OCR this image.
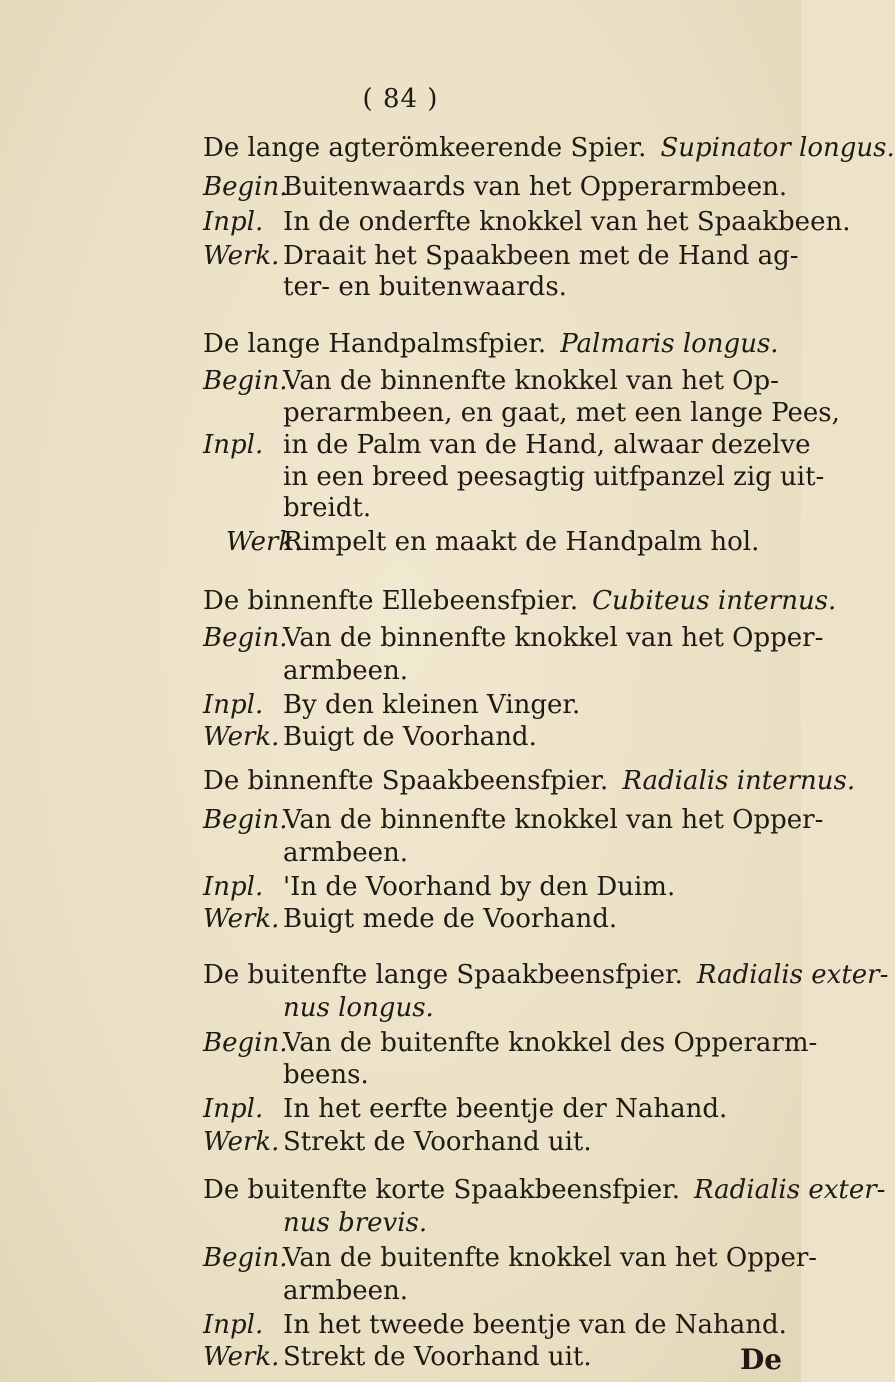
( 84 )
De lange agterömkeerende Spier. Supinator longus.
Begin.Buitenwaards van het Opperarmbeen.
Inpl. In de onderfte knokkel van het Spaakbeen.
Werk. Draait het Spaakbeen met de Hand ag-
ter- en buitenwaards.
De lange Handpalmsfpier. Palmaris longus.
Begin.Van de binnenfte knokkel van het Op-
perarmbeen, en gaat, met een lange Pees,
Inpl. in de Palm van de Hand, alwaar dezelve
in een breed peesagtig uitfpanzel zig uit-
breidt.
Werk.Rimpelt en maakt de Handpalm hol.
De binnenfte Ellebeensfpier. Cubiteus internus.
Begin.Van de binnenfte knokkel van het Opper-
armbeen.
Inpl. By den kleinen Vinger.
Werk. Buigt de Voorhand.
De binnenfte Spaakbeensfpier. Radialis internus.
Begin.Van de binnenfte knokkel van het Opper-
armbeen.
Inpl. 'In de Voorhand by den Duim.
Werk. Buigt mede de Voorhand.
De buitenfte lange Spaakbeensfpier. Radialis exter-
nus longus.
Begin.Van de buitenfte knokkel des Opperarm-
beens.
Inpl. In het eerfte beentje der Nahand.
Werk. Strekt de Voorhand uit.
De buitenfte korte Spaakbeensfpier. Radialis exter-
nus brevis.
Begin.Van de buitenfte knokkel van het Opper-
armbeen.
Inpl. In het tweede beentje van de Nahand.
Werk. Strekt de Voorhand uit.	De
